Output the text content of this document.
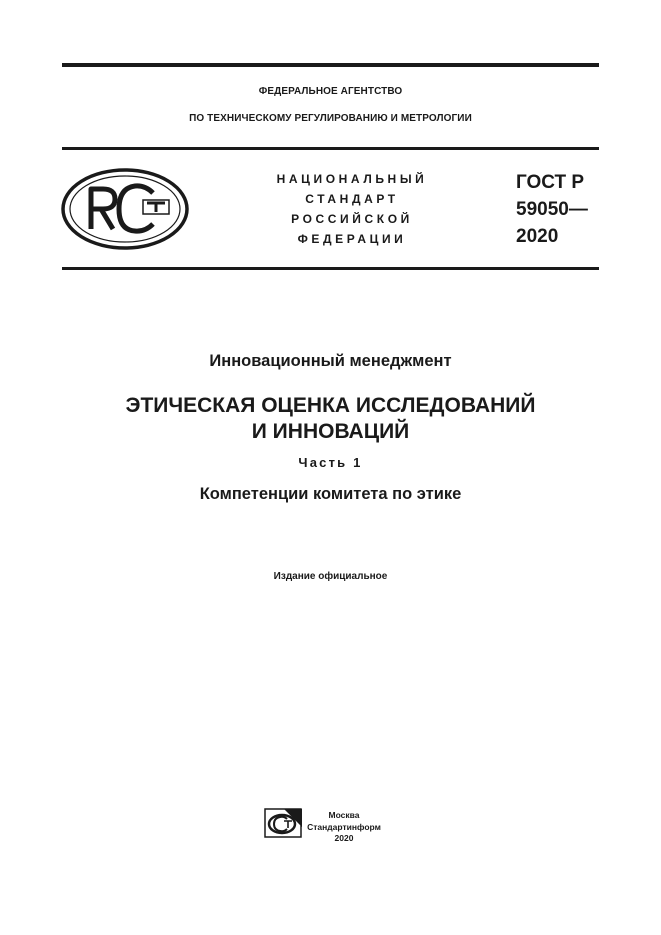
ФЕДЕРАЛЬНОЕ АГЕНТСТВО
ПО ТЕХНИЧЕСКОМУ РЕГУЛИРОВАНИЮ И МЕТРОЛОГИИ
НАЦИОНАЛЬНЫЙ
СТАНДАРТ
РОССИЙСКОЙ
ФЕДЕРАЦИИ
ГОСТ Р
59050—
2020
Инновационный менеджмент
ЭТИЧЕСКАЯ ОЦЕНКА ИССЛЕДОВАНИЙ
И ИННОВАЦИЙ
Часть 1
Компетенции комитета по этике
Издание официальное
Москва
Стандартинформ
2020
